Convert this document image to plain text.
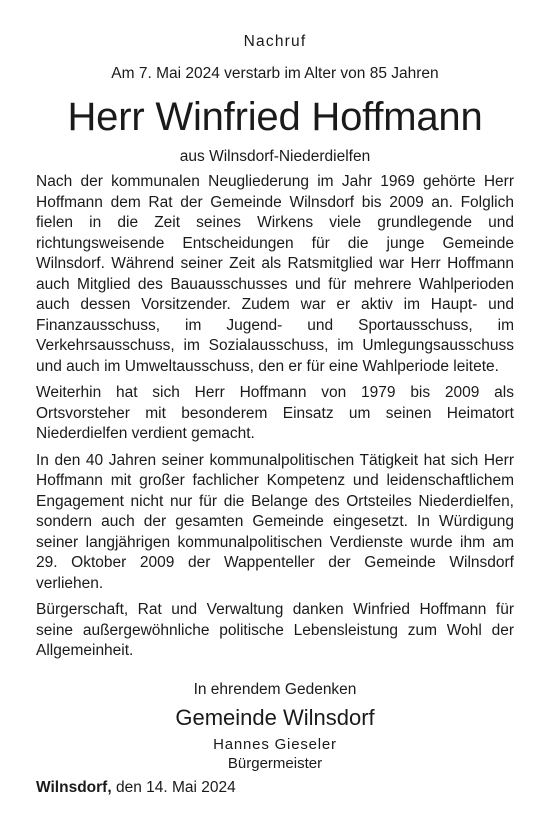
Nachruf
Am 7. Mai 2024 verstarb im Alter von 85 Jahren
Herr Winfried Hoffmann
aus Wilnsdorf-Niederdielfen

Nach der kommunalen Neugliederung im Jahr 1969 gehörte Herr Hoffmann dem Rat der Gemeinde Wilnsdorf bis 2009 an. Folglich fielen in die Zeit seines Wirkens viele grundlegende und richtungsweisende Entscheidungen für die junge Gemeinde Wilnsdorf. Während seiner Zeit als Ratsmitglied war Herr Hoffmann auch Mitglied des Bauausschusses und für mehrere Wahlperioden auch dessen Vorsitzender. Zudem war er aktiv im Haupt- und Finanzausschuss, im Jugend- und Sportausschuss, im Verkehrsausschuss, im Sozialausschuss, im Umlegungsausschuss und auch im Umweltausschuss, den er für eine Wahlperiode leitete.

Weiterhin hat sich Herr Hoffmann von 1979 bis 2009 als Ortsvorsteher mit besonderem Einsatz um seinen Heimatort Niederdielfen verdient gemacht.

In den 40 Jahren seiner kommunalpolitischen Tätigkeit hat sich Herr Hoffmann mit großer fachlicher Kompetenz und leidenschaftlichem Engagement nicht nur für die Belange des Ortsteiles Niederdielfen, sondern auch der gesamten Gemeinde eingesetzt. In Würdigung seiner langjährigen kommunalpolitischen Verdienste wurde ihm am 29. Oktober 2009 der Wappenteller der Gemeinde Wilnsdorf verliehen.

Bürgerschaft, Rat und Verwaltung danken Winfried Hoffmann für seine außergewöhnliche politische Lebensleistung zum Wohl der Allgemeinheit.

In ehrendem Gedenken
Gemeinde Wilnsdorf
Hannes Gieseler
Bürgermeister
Wilnsdorf, den 14. Mai 2024
